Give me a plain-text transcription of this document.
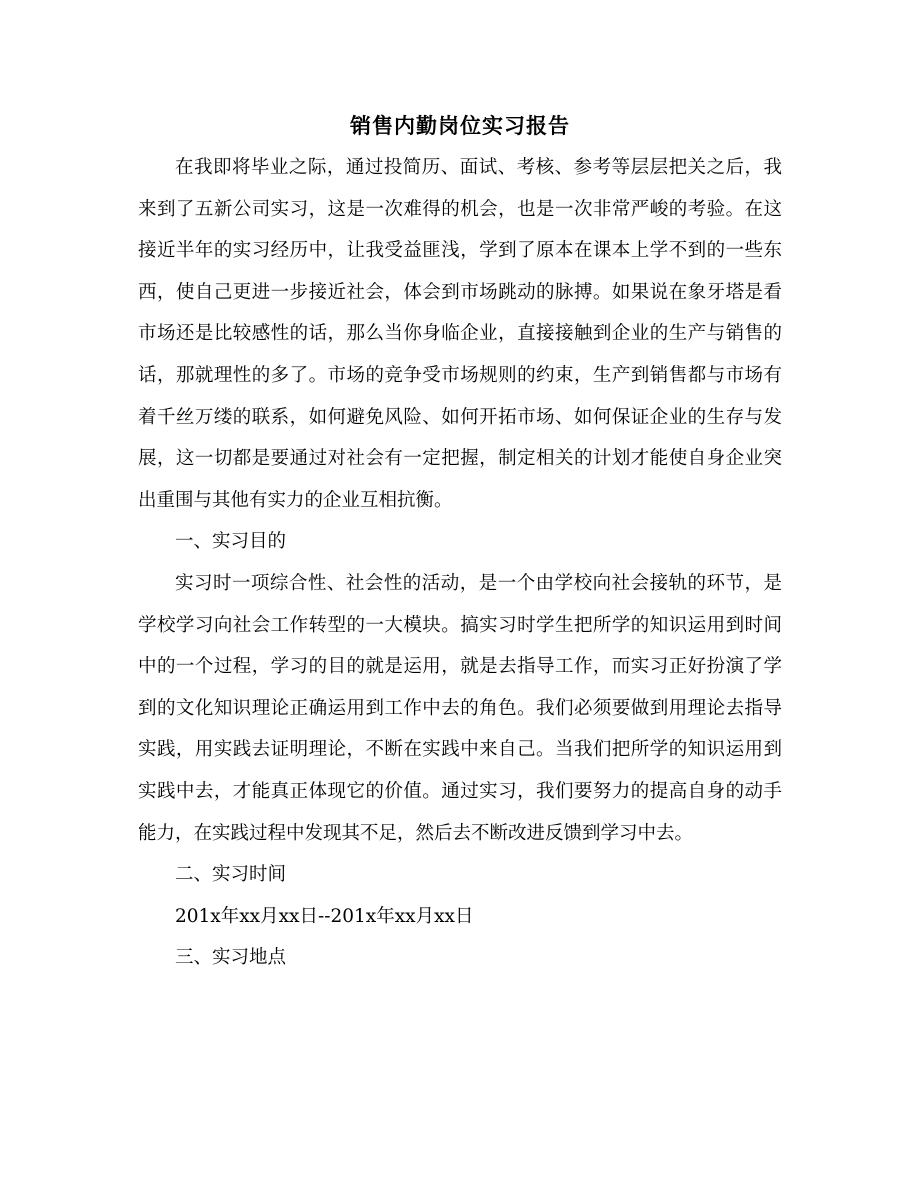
销售内勤岗位实习报告

在我即将毕业之际，通过投简历、面试、考核、参考等层层把关之后，我来到了五新公司实习，这是一次难得的机会，也是一次非常严峻的考验。在这接近半年的实习经历中，让我受益匪浅，学到了原本在课本上学不到的一些东西，使自己更进一步接近社会，体会到市场跳动的脉搏。如果说在象牙塔是看市场还是比较感性的话，那么当你身临企业，直接接触到企业的生产与销售的话，那就理性的多了。市场的竞争受市场规则的约束，生产到销售都与市场有着千丝万缕的联系，如何避免风险、如何开拓市场、如何保证企业的生存与发展，这一切都是要通过对社会有一定把握，制定相关的计划才能使自身企业突出重围与其他有实力的企业互相抗衡。

一、实习目的

实习时一项综合性、社会性的活动，是一个由学校向社会接轨的环节，是学校学习向社会工作转型的一大模块。搞实习时学生把所学的知识运用到时间中的一个过程，学习的目的就是运用，就是去指导工作，而实习正好扮演了学到的文化知识理论正确运用到工作中去的角色。我们必须要做到用理论去指导实践，用实践去证明理论，不断在实践中来自己。当我们把所学的知识运用到实践中去，才能真正体现它的价值。通过实习，我们要努力的提高自身的动手能力，在实践过程中发现其不足，然后去不断改进反馈到学习中去。

二、实习时间

201x年xx月xx日--201x年xx月xx日

三、实习地点
